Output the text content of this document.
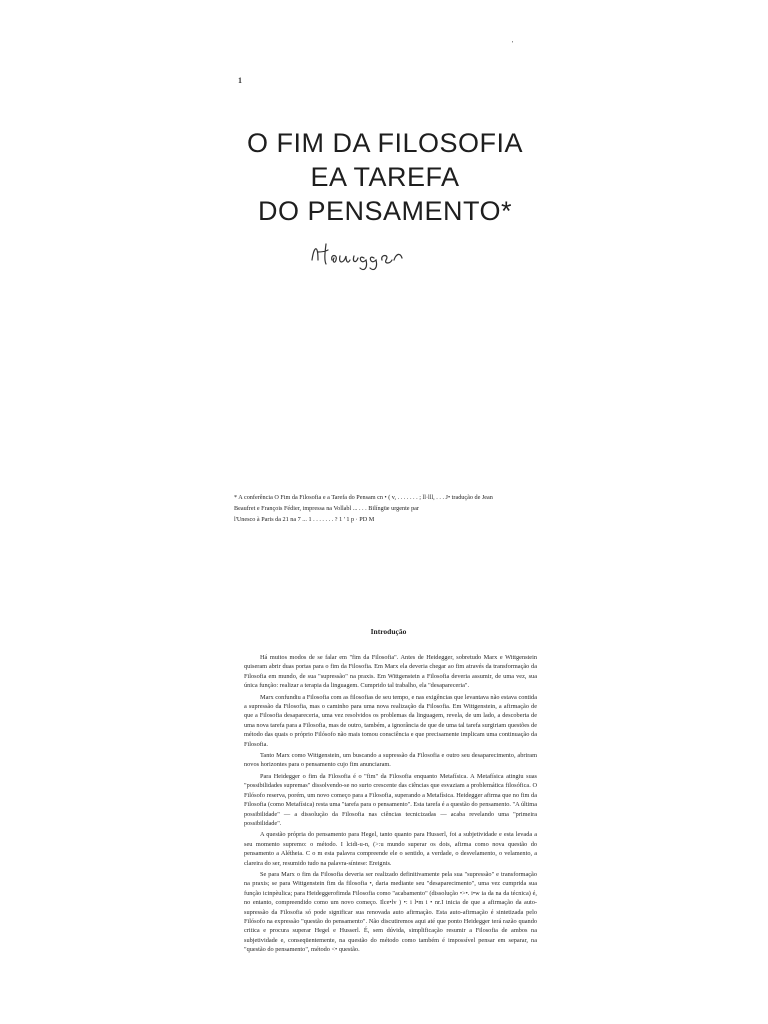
'
1
O FIM DA FILOSOFIA
EA TAREFA
DO PENSAMENTO*
* A conferência O Fim da Filosofia e a Tarefa do Pensam cn • ( v, . . . . . . . ; ll·lll, . . . J• tradução de Jean
Beaufret e François Fédier, impressa na Vollabl ... . . . Bilíngüe urgente par
l'Unesco à Paris da 21 na 7 ... 1 . . . . . . . ? 1 ' 1 p · PD M
Introdução

Há muitos modos de se falar em "fim da Filosofia". Antes de Heidegger, sobretudo Marx e Wittgenstein quiseram abrir duas portas para o fim da Filosofia. Em Marx ela deveria chegar ao fim através da transformação da Filosofia em mundo, de sua "supressão" na praxis. Em Wittgenstein a Filosofia deveria assumir, de uma vez, sua única função: realizar a terapia da linguagem. Cumprido tal trabalho, ela "desapareceria".

Marx confundiu a Filosofia com as filosofias de seu tempo, e nas exigências que levantava não estava contida a supressão da Filosofia, mas o caminho para uma nova realização da Filosofia. Em Wittgenstein, a afirmação de que a Filosofia desapareceria, uma vez resolvidos os problemas da linguagem, revela, de um lado, a descoberta de uma nova tarefa para a Filosofia, mas de outro, também, a ignorância de que de uma tal tarefa surgiriam questões de método das quais o próprio Filósofo não mais tomou consciência e que precisamente implicam uma continuação da Filosofia.

Tanto Marx como Wittgenstein, um buscando a supressão da Filosofia e outro seu desaparecimento, abriram novos horizontes para o pensamento cujo fim anunciaram.

Para Heidegger o fim da Filosofia é o "fim" da Filosofia enquanto Metafísica. A Metafísica atingiu suas "possibilidades supremas" dissolvendo-se no surto crescente das ciências que esvaziam a problemática filosófica. O Filósofo reserva, porém, um novo começo para a Filosofia, superando a Metafísica. Heidegger afirma que no fim da Filosofia (como Metafísica) resta uma "tarefa para o pensamento". Esta tarefa é a questão do pensamento. "A última possibilidade" — a dissolução da Filosofia nas ciências tecnicizadas — acaba revelando uma "primeira possibilidade".

A questão própria do pensamento para Hegel, tanto quanto para Husserl, foi a subjetividade e esta levada a seu momento supremo: o método. I lcidi-u-n, (>:u mundo superar os dois, afirma como nova questão do pensamento a Alétheia. C o m esta palavra compreende ele o sentido, a verdade, o desvelamento, o velamento, a clareira do ser, resumido tudo na palavra-síntese: Ereignis.

Se para Marx o fim da Filosofia deveria ser realizado definitivamente pela sua "supressão" e transformação na praxis; se para Wittgenstein fim da filosofia •, daria mediante seu "desaparecimento", uma vez cumprida sua função icinpèulica; para Heideggerofimda Filosofia como "acabamento" (dissolução •>•. i•w ia da na da técnica) é, no entanto, compreendido como um novo começo. Ilce•lv ) •: i l•m i • nr.I inicia de que a afirmação da auto-supressão da Filosofia só pode significar sua renovada auto afirmação. Esta auto-afirmação é sintetizada pelo Filósofo na expressão "questão do pensamento". Não discutiremos aqui até que ponto Heidegger terá razão quando critica e procura superar Hegel e Husserl. É, sem dúvida, simplificação resumir a Filosofia de ambos na subjetividade e, conseqüentemente, na questão do método como também é impossível pensar em separar, na "questão do pensamento", método <• questão.
